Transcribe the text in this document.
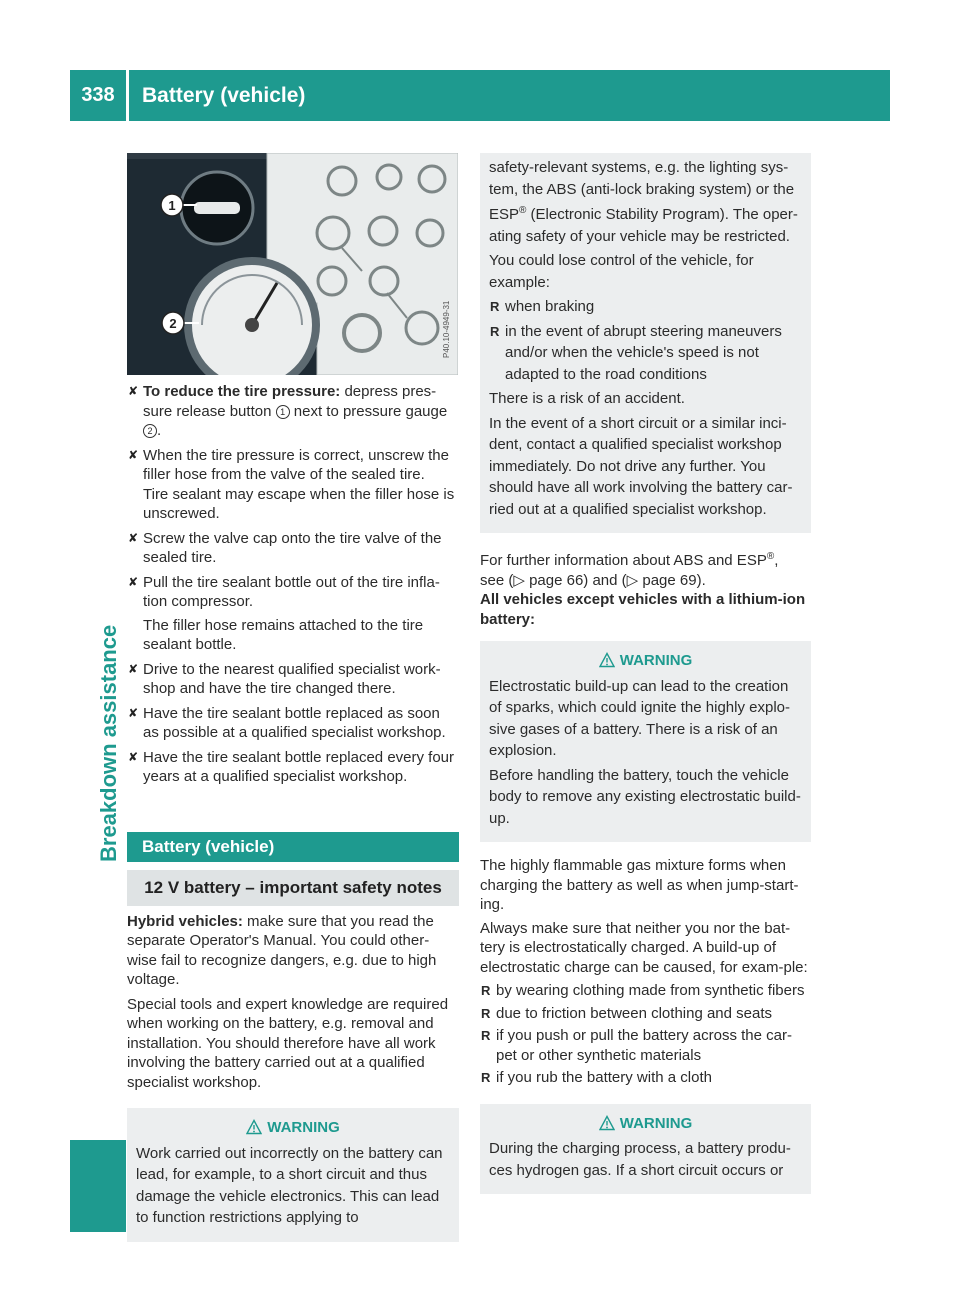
338	Battery (vehicle)
Breakdown assistance
1
2	P40.10-4949-31

✘ To reduce the tire pressure: depress pres-sure release button 1 next to pressure gauge 2 .

✘ When the tire pressure is correct, unscrew the filler hose from the valve of the sealed tire.

Tire sealant may escape when the filler hose is unscrewed.

✘ Screw the valve cap onto the tire valve of the sealed tire.

✘ Pull the tire sealant bottle out of the tire infla-tion compressor.

The filler hose remains attached to the tire sealant bottle.

✘ Drive to the nearest qualified specialist work-shop and have the tire changed there.

✘ Have the tire sealant bottle replaced as soon as possible at a qualified specialist workshop.

✘ Have the tire sealant bottle replaced every four years at a qualified specialist workshop.

Battery (vehicle)
12 V battery – important safety notes

Hybrid vehicles: make sure that you read the separate Operator's Manual. You could other-wise fail to recognize dangers, e.g. due to high voltage.

Special tools and expert knowledge are required when working on the battery, e.g. removal and installation. You should therefore have all work involving the battery carried out at a qualified specialist workshop.

WARNING

Work carried out incorrectly on the battery can lead, for example, to a short circuit and thus damage the vehicle electronics. This can lead to function restrictions applying to

safety-relevant systems, e.g. the lighting sys-tem, the ABS (anti-lock braking system) or the ESP® (Electronic Stability Program). The oper-ating safety of your vehicle may be restricted.

You could lose control of the vehicle, for example:

R when braking

R in the event of abrupt steering maneuvers and/or when the vehicle's speed is not adapted to the road conditions

There is a risk of an accident.

In the event of a short circuit or a similar inci-dent, contact a qualified specialist workshop immediately. Do not drive any further. You should have all work involving the battery car-ried out at a qualified specialist workshop.

For further information about ABS and ESP®,
see (▷ page 66) and (▷ page 69).

All vehicles except vehicles with a lithium-ion battery:

WARNING

Electrostatic build-up can lead to the creation of sparks, which could ignite the highly explo-sive gases of a battery. There is a risk of an explosion.

Before handling the battery, touch the vehicle body to remove any existing electrostatic build-up.

The highly flammable gas mixture forms when charging the battery as well as when jump-start-ing.

Always make sure that neither you nor the bat-tery is electrostatically charged. A build-up of electrostatic charge can be caused, for exam-ple:

R by wearing clothing made from synthetic fibers

R due to friction between clothing and seats

R if you push or pull the battery across the car-pet or other synthetic materials

R if you rub the battery with a cloth

WARNING

During the charging process, a battery produ-ces hydrogen gas. If a short circuit occurs or
